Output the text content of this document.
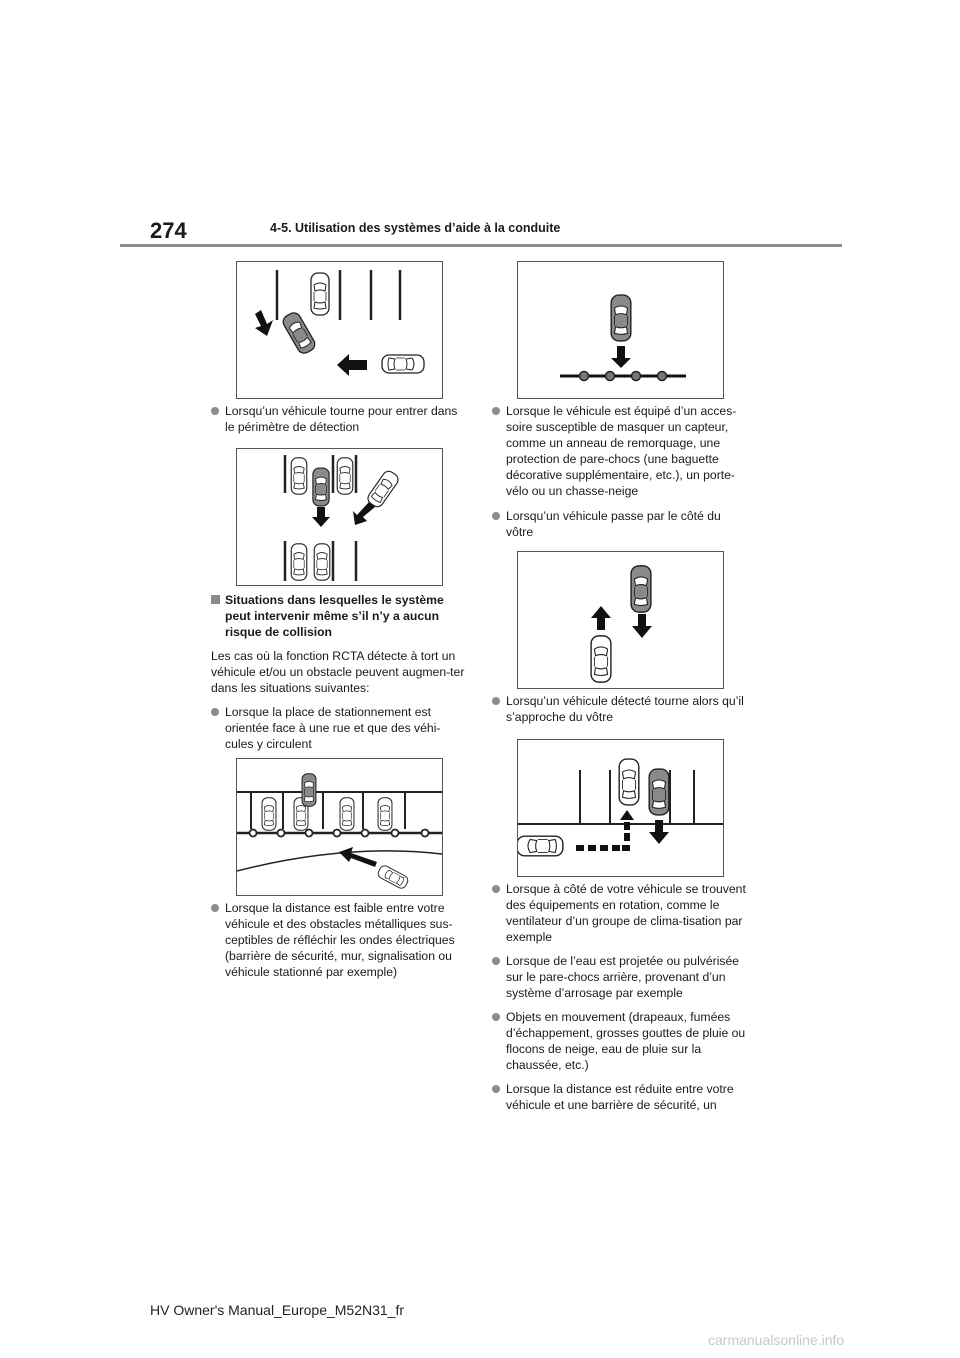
274	4-5. Utilisation des systèmes d’aide à la conduite

Lorsqu’un véhicule tourne pour entrer dans le périmètre de détection

Situations dans lesquelles le système peut intervenir même s’il n’y a aucun risque de collision

Les cas où la fonction RCTA détecte à tort un véhicule et/ou un obstacle peuvent augmen-ter dans les situations suivantes:

Lorsque la place de stationnement est orientée face à une rue et que des véhi-cules y circulent

Lorsque la distance est faible entre votre véhicule et des obstacles métalliques sus-ceptibles de réfléchir les ondes électriques (barrière de sécurité, mur, signalisation ou véhicule stationné par exemple)

Lorsque le véhicule est équipé d’un acces-soire susceptible de masquer un capteur, comme un anneau de remorquage, une protection de pare-chocs (une baguette décorative supplémentaire, etc.), un porte-vélo ou un chasse-neige

Lorsqu’un véhicule passe par le côté du vôtre

Lorsqu’un véhicule détecté tourne alors qu’il s’approche du vôtre

Lorsque à côté de votre véhicule se trouvent des équipements en rotation, comme le ventilateur d’un groupe de clima-tisation par exemple

Lorsque de l’eau est projetée ou pulvérisée sur le pare-chocs arrière, provenant d’un système d’arrosage par exemple

Objets en mouvement (drapeaux, fumées d’échappement, grosses gouttes de pluie ou flocons de neige, eau de pluie sur la chaussée, etc.)

Lorsque la distance est réduite entre votre véhicule et une barrière de sécurité, un

HV Owner's Manual_Europe_M52N31_fr
carmanualsonline.info
